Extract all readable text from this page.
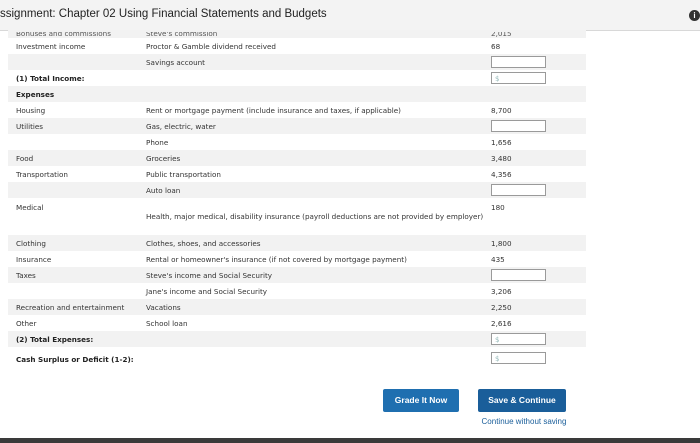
ssignment: Chapter 02 Using Financial Statements and Budgets	i
Bonuses and commissions	Steve's commission	2,015

Investment income	Proctor & Gamble dividend received	68
	Savings account	

(1) Total Income:		$

Expenses		
Housing	Rent or mortgage payment (include insurance and taxes, if applicable)	8,700
Utilities	Gas, electric, water	

	Phone	1,656
Food	Groceries	3,480
Transportation	Public transportation	4,356
	Auto loan	

Medical	Health, major medical, disability insurance (payroll deductions are not provided by employer)	180
Clothing	Clothes, shoes, and accessories	1,800
Insurance	Rental or homeowner's insurance (if not covered by mortgage payment)	435
Taxes	Steve's income and Social Security	

	Jane's income and Social Security	3,206
Recreation and entertainment	Vacations	2,250
Other	School loan	2,616
(2) Total Expenses:		$

Cash Surplus or Deficit (1-2):		$
Grade It Now	Save & Continue
Continue without saving
